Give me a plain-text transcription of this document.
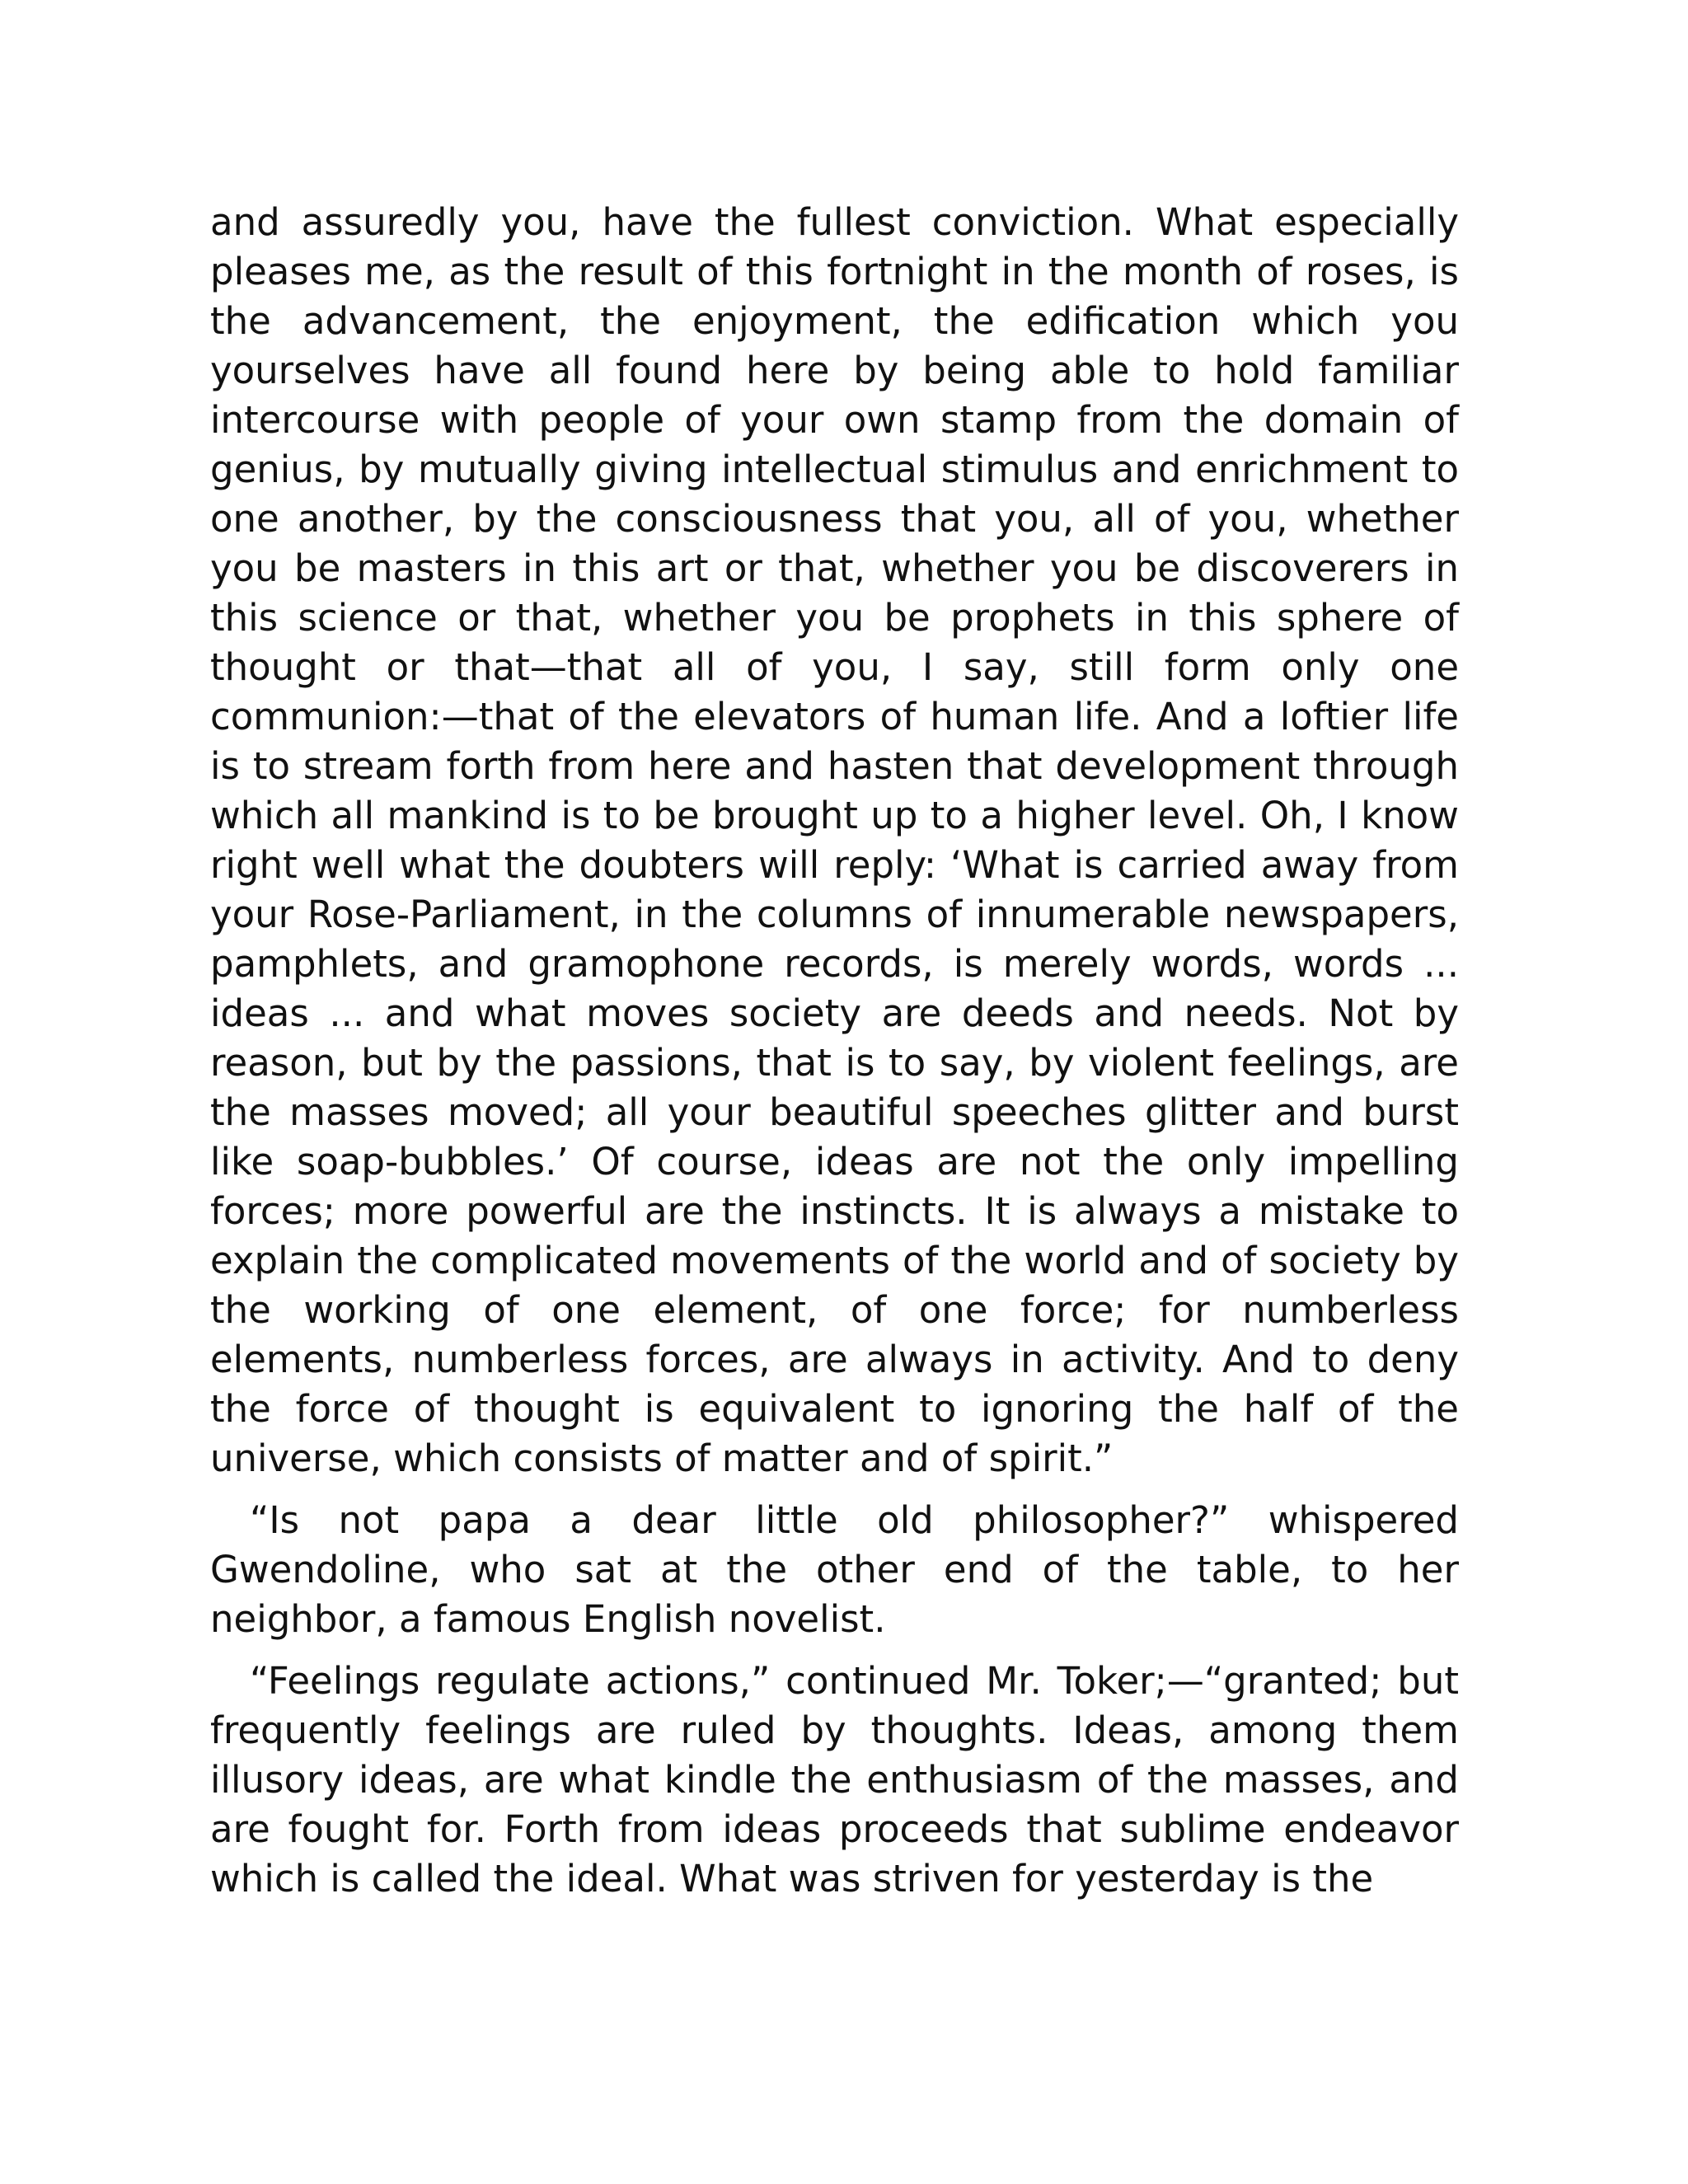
and assuredly you, have the fullest conviction. What especially pleases me, as the result of this fortnight in the month of roses, is the advancement, the enjoyment, the edification which you yourselves have all found here by being able to hold familiar intercourse with people of your own stamp from the domain of genius, by mutually giving intellectual stimulus and enrichment to one another, by the consciousness that you, all of you, whether you be masters in this art or that, whether you be discoverers in this science or that, whether you be prophets in this sphere of thought or that—that all of you, I say, still form only one communion:—that of the elevators of human life. And a loftier life is to stream forth from here and hasten that development through which all mankind is to be brought up to a higher level. Oh, I know right well what the doubters will reply: ‘What is carried away from your Rose-Parliament, in the columns of innumerable newspapers, pamphlets, and gramophone records, is merely words, words ... ideas ... and what moves society are deeds and needs. Not by reason, but by the passions, that is to say, by violent feelings, are the masses moved; all your beautiful speeches glitter and burst like soap-bubbles.’ Of course, ideas are not the only impelling forces; more powerful are the instincts. It is always a mistake to explain the complicated movements of the world and of society by the working of one element, of one force; for numberless elements, numberless forces, are always in activity. And to deny the force of thought is equivalent to ignoring the half of the universe, which consists of matter and of spirit.”

“Is not papa a dear little old philosopher?” whispered Gwendoline, who sat at the other end of the table, to her neighbor, a famous English novelist.

“Feelings regulate actions,” continued Mr. Toker;—“granted; but frequently feelings are ruled by thoughts. Ideas, among them illusory ideas, are what kindle the enthusiasm of the masses, and are fought for. Forth from ideas proceeds that sublime endeavor which is called the ideal. What was striven for yesterday is the
